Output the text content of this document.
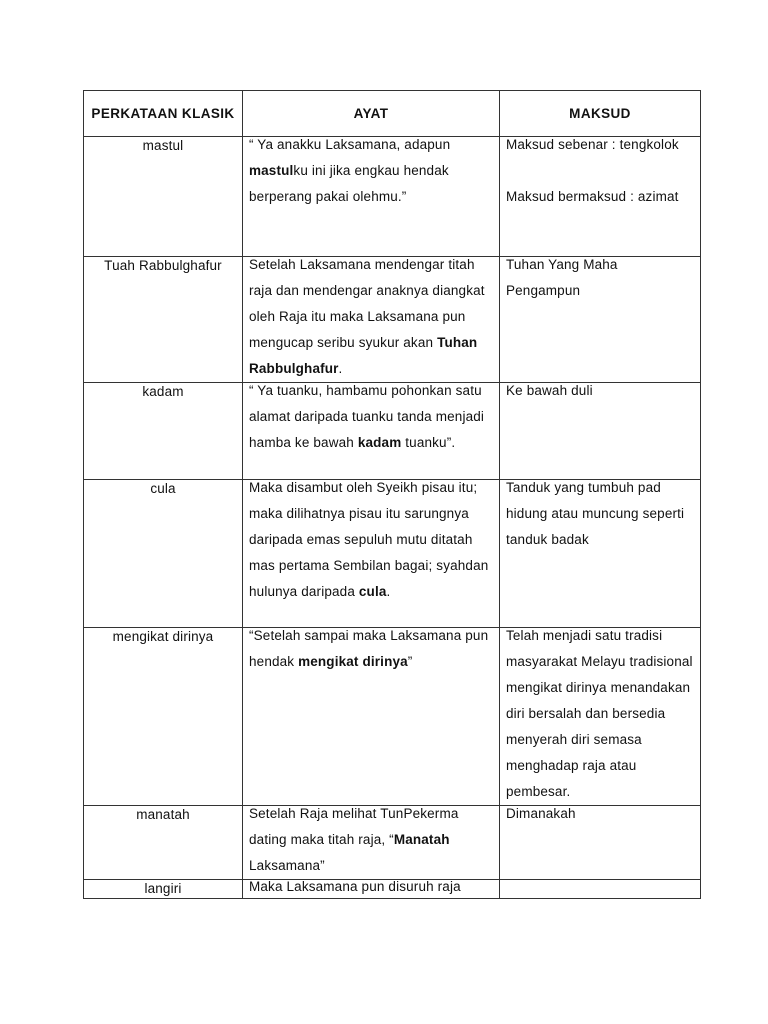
PERKATAAN KLASIK	AYAT	MAKSUD

mastul	“ Ya anakku Laksamana, adapun mastulku ini jika engkau hendak berperang pakai olehmu.”	Maksud sebenar : tengkolok
Maksud bermaksud : azimat

Tuah Rabbulghafur	Setelah Laksamana mendengar titah raja dan mendengar anaknya diangkat oleh Raja itu maka Laksamana pun mengucap seribu syukur akan Tuhan Rabbulghafur.	Tuhan Yang Maha Pengampun

kadam	“ Ya tuanku, hambamu pohonkan satu alamat daripada tuanku tanda menjadi hamba ke bawah kadam tuanku”.	Ke bawah duli

cula	Maka disambut oleh Syeikh pisau itu; maka dilihatnya pisau itu sarungnya daripada emas sepuluh mutu ditatah mas pertama Sembilan bagai; syahdan hulunya daripada cula.	Tanduk yang tumbuh pad hidung atau muncung seperti tanduk badak

mengikat dirinya	“Setelah sampai maka Laksamana pun hendak mengikat dirinya”	Telah menjadi satu tradisi masyarakat Melayu tradisional mengikat dirinya menandakan diri bersalah dan bersedia menyerah diri semasa menghadap raja atau pembesar.

manatah	Setelah Raja melihat TunPekerma dating maka titah raja, “Manatah Laksamana”	Dimanakah

langiri	Maka Laksamana pun disuruh raja	
